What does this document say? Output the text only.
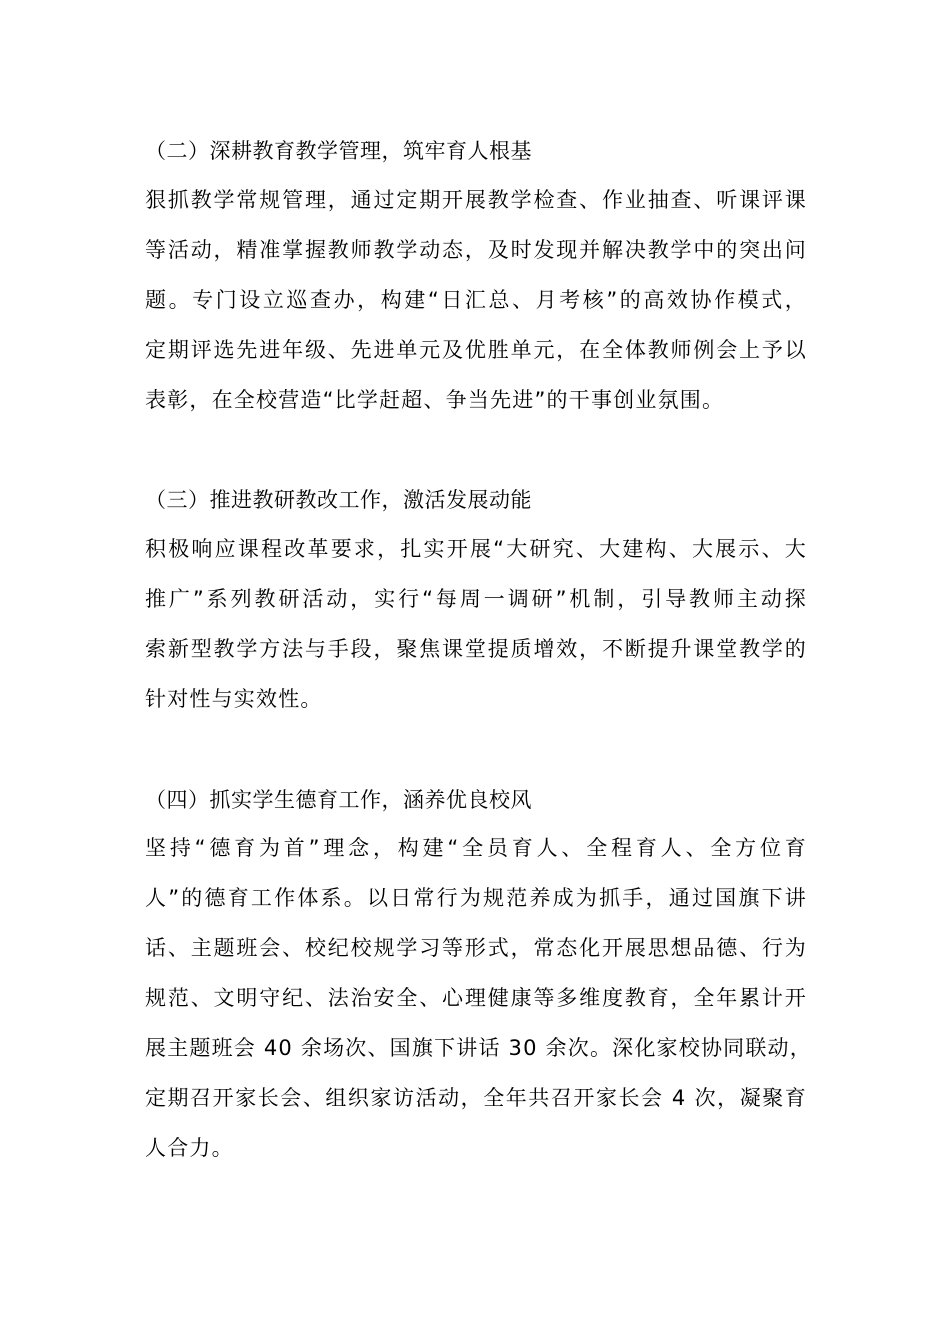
（二）深耕教育教学管理，筑牢育人根基
狠抓教学常规管理，通过定期开展教学检查、作业抽查、听课评课
等活动，精准掌握教师教学动态，及时发现并解决教学中的突出问
题。专门设立巡查办，构建“日汇总、月考核”的高效协作模式，
定期评选先进年级、先进单元及优胜单元，在全体教师例会上予以
表彰，在全校营造“比学赶超、争当先进”的干事创业氛围。
（三）推进教研教改工作，激活发展动能
积极响应课程改革要求，扎实开展“大研究、大建构、大展示、大
推广”系列教研活动，实行“每周一调研”机制，引导教师主动探
索新型教学方法与手段，聚焦课堂提质增效，不断提升课堂教学的
针对性与实效性。
（四）抓实学生德育工作，涵养优良校风
坚持“德育为首”理念，构建“全员育人、全程育人、全方位育
人”的德育工作体系。以日常行为规范养成为抓手，通过国旗下讲
话、主题班会、校纪校规学习等形式，常态化开展思想品德、行为
规范、文明守纪、法治安全、心理健康等多维度教育，全年累计开
展主题班会 40 余场次、国旗下讲话 30 余次。深化家校协同联动，
定期召开家长会、组织家访活动，全年共召开家长会 4 次，凝聚育
人合力。
